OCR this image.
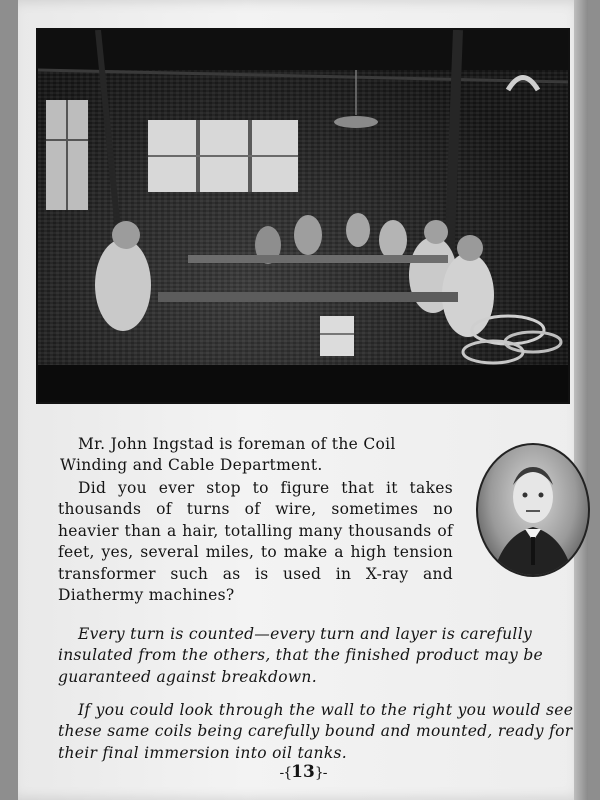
Mr. John Ingstad is foreman of the Coil Winding and Cable Department.

Did you ever stop to figure that it takes thousands of turns of wire, sometimes no heavier than a hair, totalling many thousands of feet, yes, several miles, to make a high tension transformer such as is used in X-ray and Diathermy machines?

Every turn is counted—every turn and layer is carefully insulated from the others, that the finished product may be guaranteed against breakdown.

If you could look through the wall to the right you would see these same coils being carefully bound and mounted, ready for their final immersion into oil tanks.

-{13}-
